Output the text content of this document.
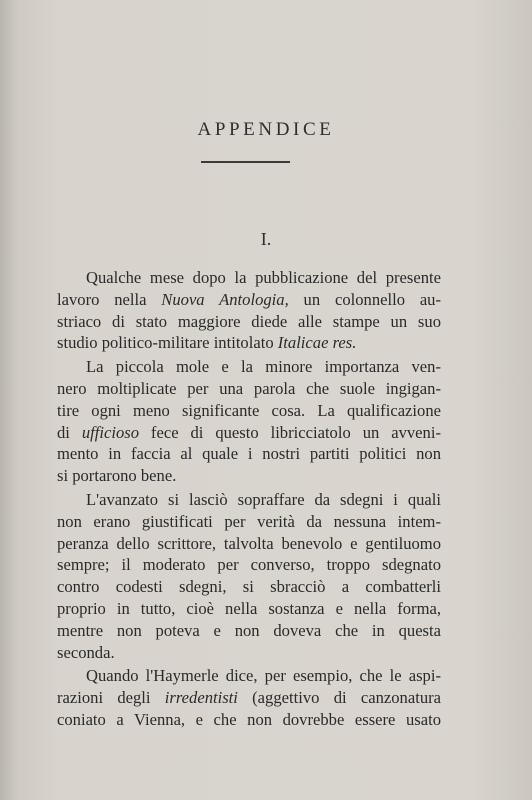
APPENDICE
I.
Qualche mese dopo la pubblicazione del presente
lavoro nella Nuova Antologia, un colonnello au-
striaco di stato maggiore diede alle stampe un suo
studio politico-militare intitolato Italicae res.
La piccola mole e la minore importanza ven-
nero moltiplicate per una parola che suole ingigan-
tire ogni meno significante cosa. La qualificazione
di ufficioso fece di questo libricciatolo un avveni-
mento in faccia al quale i nostri partiti politici non
si portarono bene.
L'avanzato si lasciò sopraffare da sdegni i quali
non erano giustificati per verità da nessuna intem-
peranza dello scrittore, talvolta benevolo e gentiluomo
sempre; il moderato per converso, troppo sdegnato
contro codesti sdegni, si sbracciò a combatterli
proprio in tutto, cioè nella sostanza e nella forma,
mentre non poteva e non doveva che in questa
seconda.
Quando l'Haymerle dice, per esempio, che le aspi-
razioni degli irredentisti (aggettivo di canzonatura
coniato a Vienna, e che non dovrebbe essere usato
